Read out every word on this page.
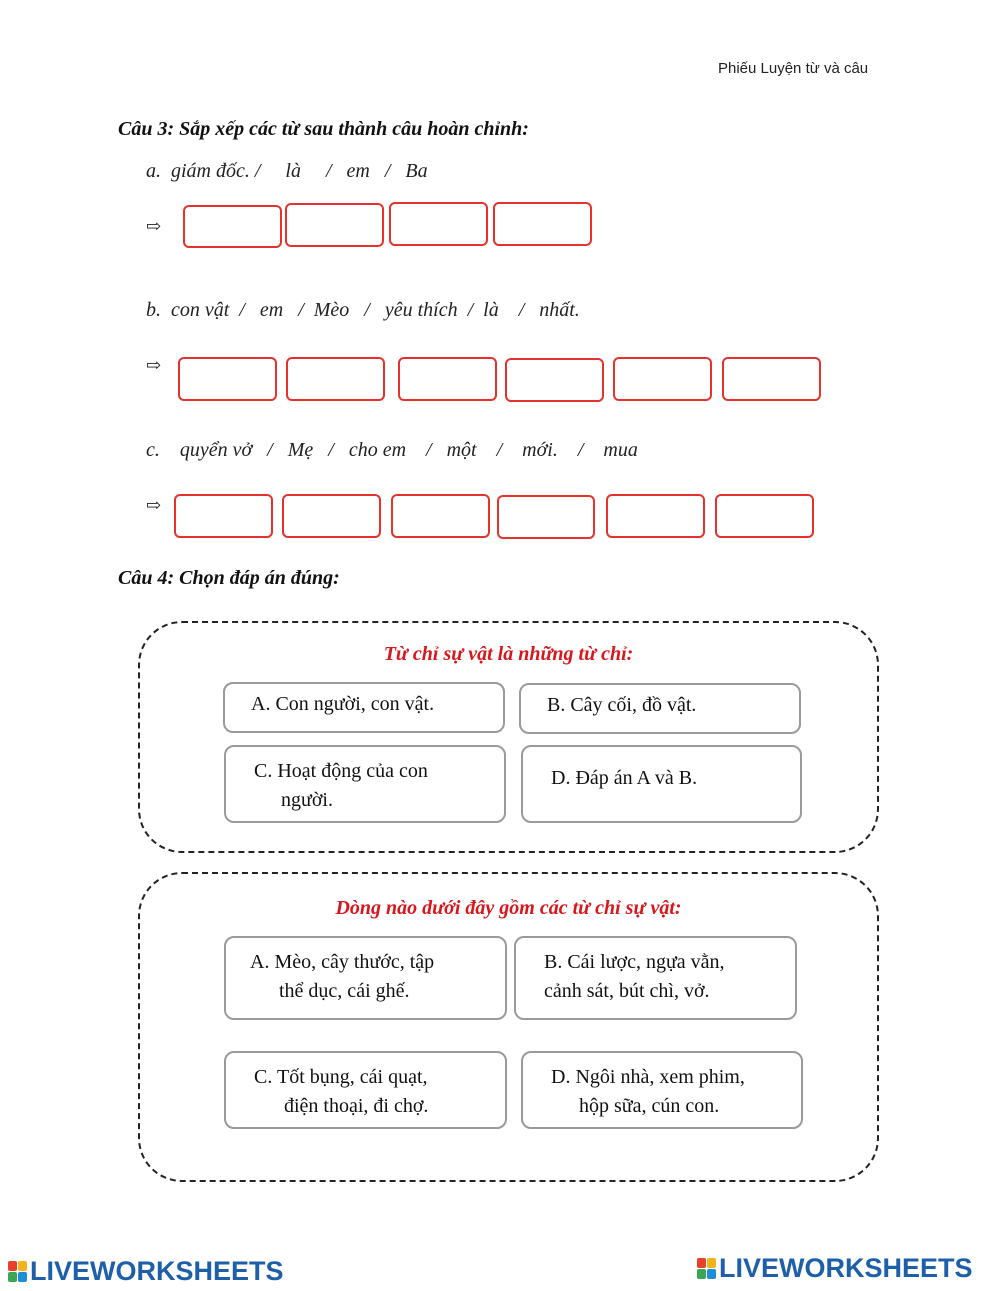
Phiếu Luyện từ và câu
Câu 3: Sắp xếp các từ sau thành câu hoàn chỉnh:
a.  giám đốc. /     là     /   em   /   Ba
⇨
b.  con vật  /   em   /  Mèo   /   yêu thích  /  là    /   nhất.
⇨
c.    quyển vở   /   Mẹ   /   cho em    /   một    /    mới.    /    mua
⇨
Câu 4: Chọn đáp án đúng:
Từ chỉ sự vật là những từ chỉ:
A. Con người, con vật.	B. Cây cối, đồ vật.
C. Hoạt động của con
người.
D. Đáp án A và B.
Dòng nào dưới đây gồm các từ chỉ sự vật:
A. Mèo, cây thước, tập
thể dục, cái ghế.
B. Cái lược, ngựa vằn,
cảnh sát, bút chì, vở.
C. Tốt bụng, cái quạt,
điện thoại, đi chợ.
D. Ngôi nhà, xem phim,
hộp sữa, cún con.
LIVEWORKSHEETS	LIVEWORKSHEETS
